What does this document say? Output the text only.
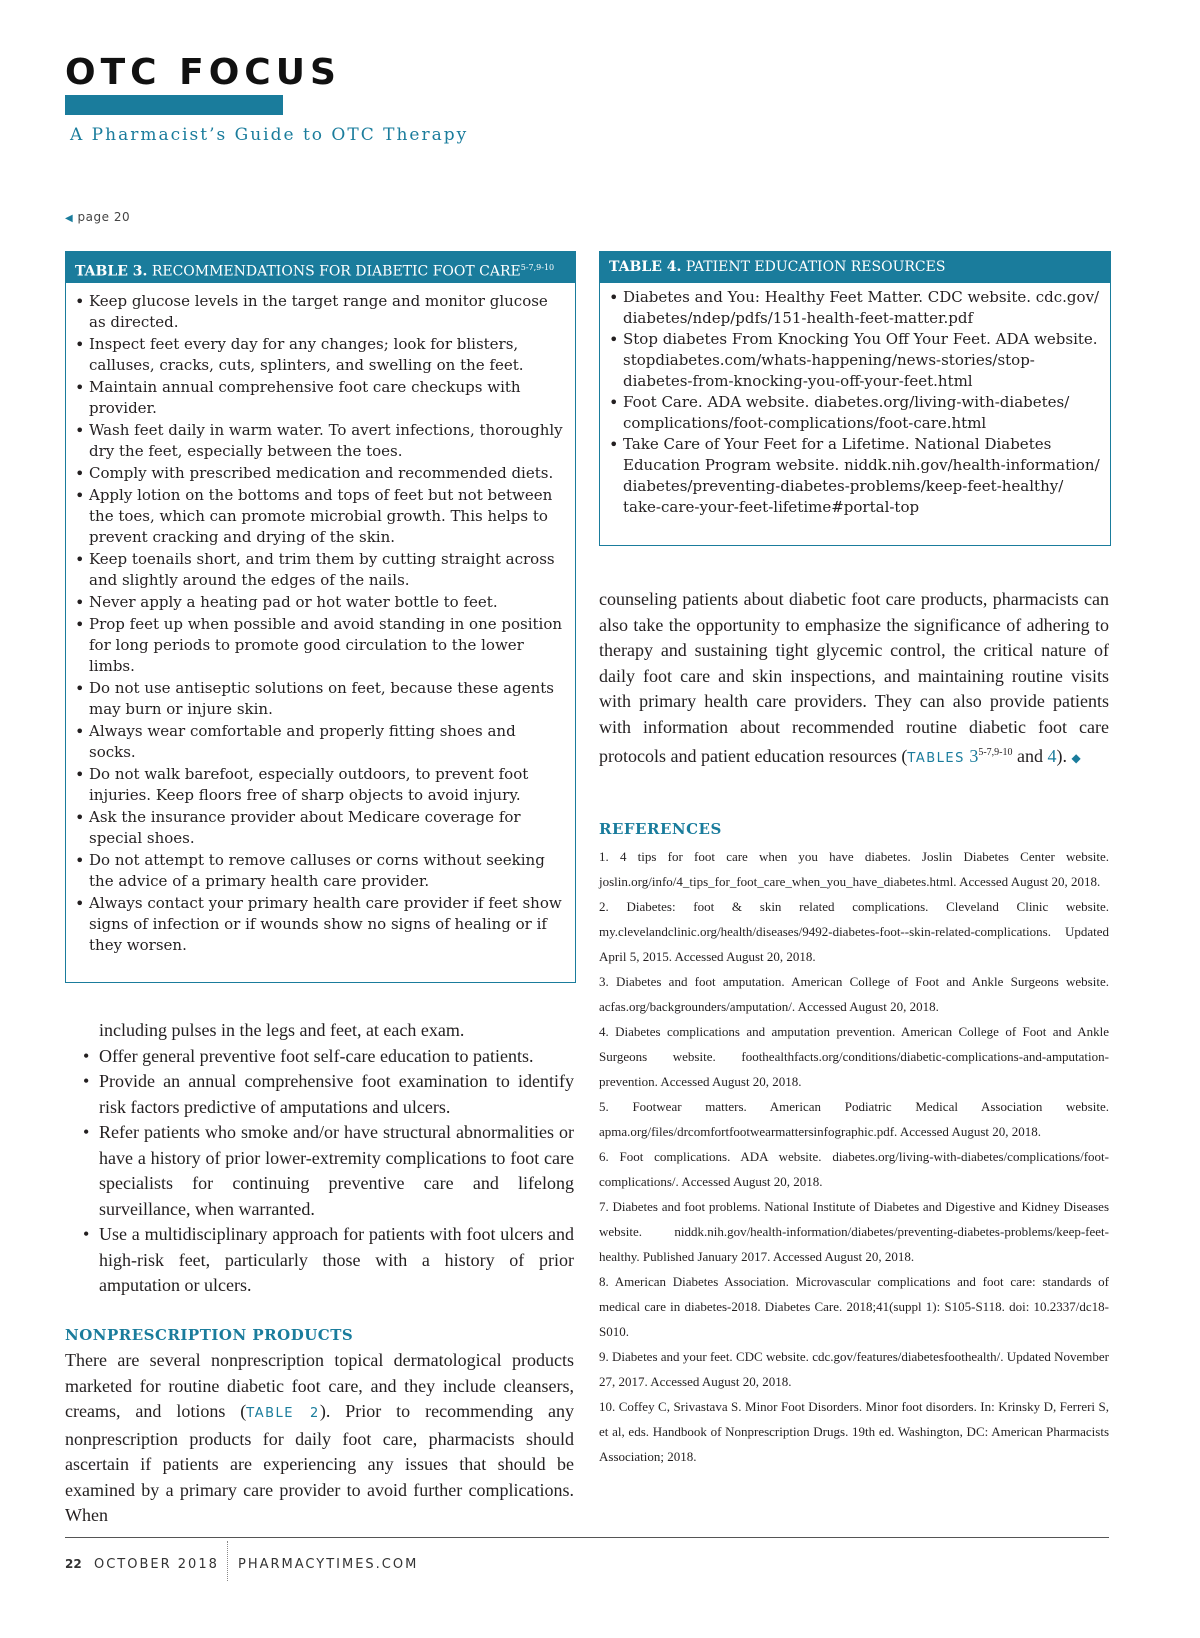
OTC FOCUS
A Pharmacist’s Guide to OTC Therapy
◀ page 20
TABLE 3. RECOMMENDATIONS FOR DIABETIC FOOT CARE$^{5-7,9-10}$
• Keep glucose levels in the target range and monitor glucose as directed.
• Inspect feet every day for any changes; look for blisters, calluses, cracks, cuts, splinters, and swelling on the feet.
• Maintain annual comprehensive foot care checkups with provider.
• Wash feet daily in warm water. To avert infections, thoroughly dry the feet, especially between the toes.
• Comply with prescribed medication and recommended diets.
• Apply lotion on the bottoms and tops of feet but not between the toes, which can promote microbial growth. This helps to prevent cracking and drying of the skin.
• Keep toenails short, and trim them by cutting straight across and slightly around the edges of the nails.
• Never apply a heating pad or hot water bottle to feet.
• Prop feet up when possible and avoid standing in one position for long periods to promote good circulation to the lower limbs.
• Do not use antiseptic solutions on feet, because these agents may burn or injure skin.
• Always wear comfortable and properly fitting shoes and socks.
• Do not walk barefoot, especially outdoors, to prevent foot injuries. Keep floors free of sharp objects to avoid injury.
• Ask the insurance provider about Medicare coverage for special shoes.
• Do not attempt to remove calluses or corns without seeking the advice of a primary health care provider.
• Always contact your primary health care provider if feet show signs of infection or if wounds show no signs of healing or if they worsen.
TABLE 4. PATIENT EDUCATION RESOURCES
• Diabetes and You: Healthy Feet Matter. CDC website. cdc.gov/ diabetes/ndep/pdfs/151-health-feet-matter.pdf
• Stop diabetes From Knocking You Off Your Feet. ADA website. stopdiabetes.com/whats-happening/news-stories/stop-diabetes-from-knocking-you-off-your-feet.html
• Foot Care. ADA website. diabetes.org/living-with-diabetes/ complications/foot-complications/foot-care.html
• Take Care of Your Feet for a Lifetime. National Diabetes Education Program website. niddk.nih.gov/health-information/ diabetes/preventing-diabetes-problems/keep-feet-healthy/ take-care-your-feet-lifetime#portal-top
including pulses in the legs and feet, at each exam.
• Offer general preventive foot self-care education to patients.
• Provide an annual comprehensive foot examination to identify risk factors predictive of amputations and ulcers.
• Refer patients who smoke and/or have structural abnormalities or have a history of prior lower-extremity complications to foot care specialists for continuing preventive care and lifelong surveillance, when warranted.
• Use a multidisciplinary approach for patients with foot ulcers and high-risk feet, particularly those with a history of prior amputation or ulcers.
NONPRESCRIPTION PRODUCTS
There are several nonprescription topical dermatological products marketed for routine diabetic foot care, and they include cleansers, creams, and lotions (TABLE 2). Prior to recommending any nonprescription products for daily foot care, pharmacists should ascertain if patients are experiencing any issues that should be examined by a primary care provider to avoid further complications. When
counseling patients about diabetic foot care products, pharmacists can also take the opportunity to emphasize the significance of adhering to therapy and sustaining tight glycemic control, the critical nature of daily foot care and skin inspections, and maintaining routine visits with primary health care providers. They can also provide patients with information about recommended routine diabetic foot care protocols and patient education resources (TABLES 3$^{5-7,9-10}$ and 4). ◆
REFERENCES

1. 4 tips for foot care when you have diabetes. Joslin Diabetes Center website. joslin.org/info/4_tips_for_foot_care_when_you_have_diabetes.html. Accessed August 20, 2018.

2. Diabetes: foot & skin related complications. Cleveland Clinic website. my.clevelandclinic.org/health/diseases/9492-diabetes-foot--skin-related-complications. Updated April 5, 2015. Accessed August 20, 2018.

3. Diabetes and foot amputation. American College of Foot and Ankle Surgeons website. acfas.org/backgrounders/amputation/. Accessed August 20, 2018.

4. Diabetes complications and amputation prevention. American College of Foot and Ankle Surgeons website. foothealthfacts.org/conditions/diabetic-complications-and-amputation-prevention. Accessed August 20, 2018.

5. Footwear matters. American Podiatric Medical Association website. apma.org/files/drcomfortfootwearmattersinfographic.pdf. Accessed August 20, 2018.

6. Foot complications. ADA website. diabetes.org/living-with-diabetes/complications/foot-complications/. Accessed August 20, 2018.

7. Diabetes and foot problems. National Institute of Diabetes and Digestive and Kidney Diseases website. niddk.nih.gov/health-information/diabetes/preventing-diabetes-problems/keep-feet-healthy. Published January 2017. Accessed August 20, 2018.

8. American Diabetes Association. Microvascular complications and foot care: standards of medical care in diabetes-2018. Diabetes Care. 2018;41(suppl 1): S105-S118. doi: 10.2337/dc18-S010.

9. Diabetes and your feet. CDC website. cdc.gov/features/diabetesfoothealth/. Updated November 27, 2017. Accessed August 20, 2018.

10. Coffey C, Srivastava S. Minor Foot Disorders. Minor foot disorders. In: Krinsky D, Ferreri S, et al, eds. Handbook of Nonprescription Drugs. 19th ed. Washington, DC: American Pharmacists Association; 2018.

22 OCTOBER 2018 PHARMACYTIMES.COM
